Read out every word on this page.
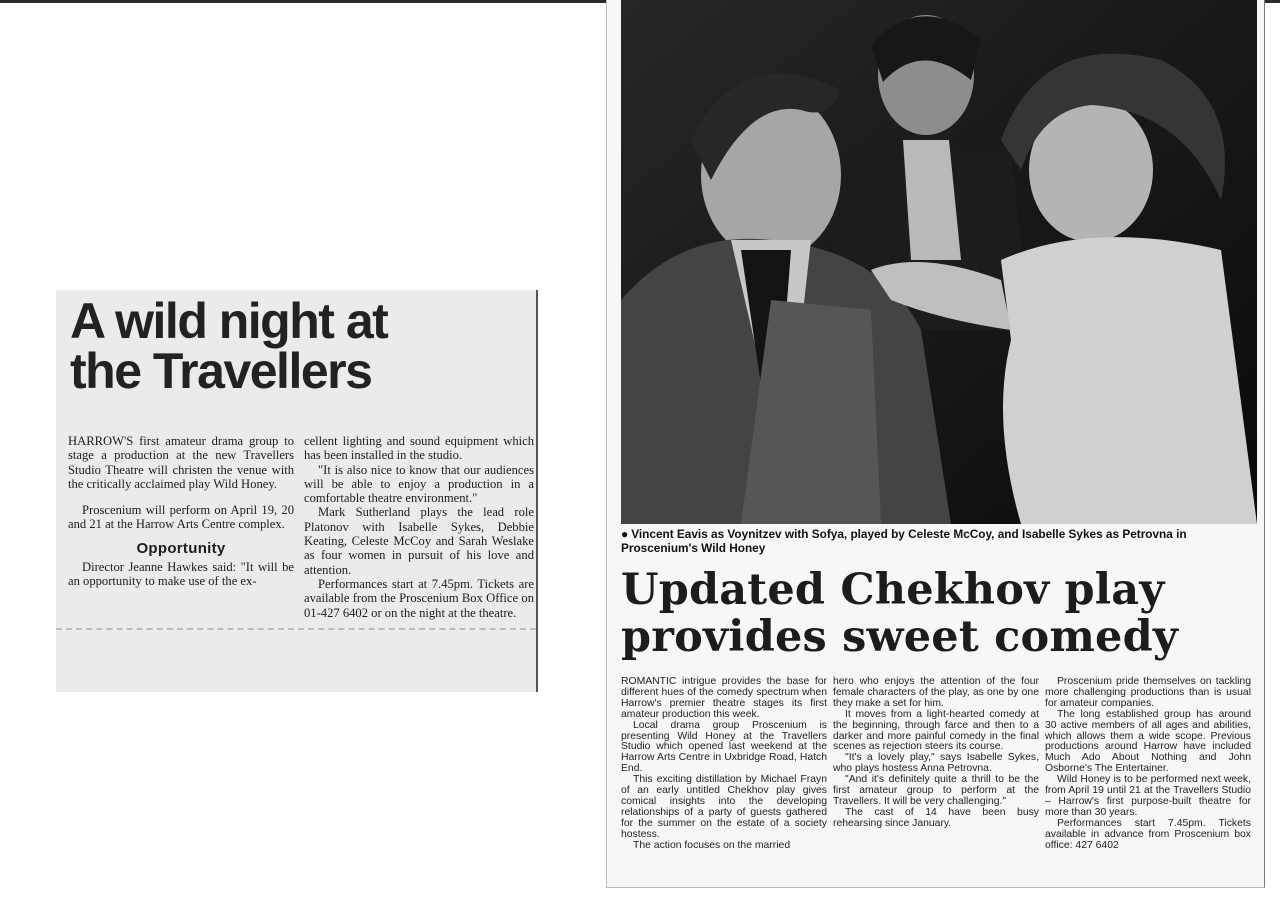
A wild night at
the Travellers

HARROW'S first amateur drama group to stage a production at the new Travellers Studio Theatre will christen the venue with the critically acclaimed play Wild Honey.

Proscenium will perform on April 19, 20 and 21 at the Harrow Arts Centre complex.

Opportunity

Director Jeanne Hawkes said: "It will be an opportunity to make use of the ex-

cellent lighting and sound equipment which has been installed in the studio.

"It is also nice to know that our audiences will be able to enjoy a production in a comfortable theatre environment."

Mark Sutherland plays the lead role Platonov with Isabelle Sykes, Debbie Keating, Celeste McCoy and Sarah Weslake as four women in pursuit of his love and attention.

Performances start at 7.45pm. Tickets are available from the Proscenium Box Office on 01-427 6402 or on the night at the theatre.

● Vincent Eavis as Voynitzev with Sofya, played by Celeste McCoy, and Isabelle Sykes as Petrovna in Proscenium's Wild Honey
Updated Chekhov play
provides sweet comedy

ROMANTIC intrigue provides the base for different hues of the comedy spectrum when Harrow's premier theatre stages its first amateur production this week.

Local drama group Proscenium is presenting Wild Honey at the Travellers Studio which opened last weekend at the Harrow Arts Centre in Uxbridge Road, Hatch End.

This exciting distillation by Michael Frayn of an early untitled Chekhov play gives comical insights into the developing relationships of a party of guests gathered for the summer on the estate of a society hostess.

The action focuses on the married

hero who enjoys the attention of the four female characters of the play, as one by one they make a set for him.

It moves from a light-hearted comedy at the beginning, through farce and then to a darker and more painful comedy in the final scenes as rejection steers its course.

"It's a lovely play," says Isabelle Sykes, who plays hostess Anna Petrovna.

"And it's definitely quite a thrill to be the first amateur group to perform at the Travellers. It will be very challenging."

The cast of 14 have been busy rehearsing since January.

Proscenium pride themselves on tackling more challenging productions than is usual for amateur companies.

The long established group has around 30 active members of all ages and abilities, which allows them a wide scope. Previous productions around Harrow have included Much Ado About Nothing and John Osborne's The Entertainer.

Wild Honey is to be performed next week, from April 19 until 21 at the Travellers Studio – Harrow's first purpose-built theatre for more than 30 years.

Performances start 7.45pm. Tickets available in advance from Proscenium box office: 427 6402
